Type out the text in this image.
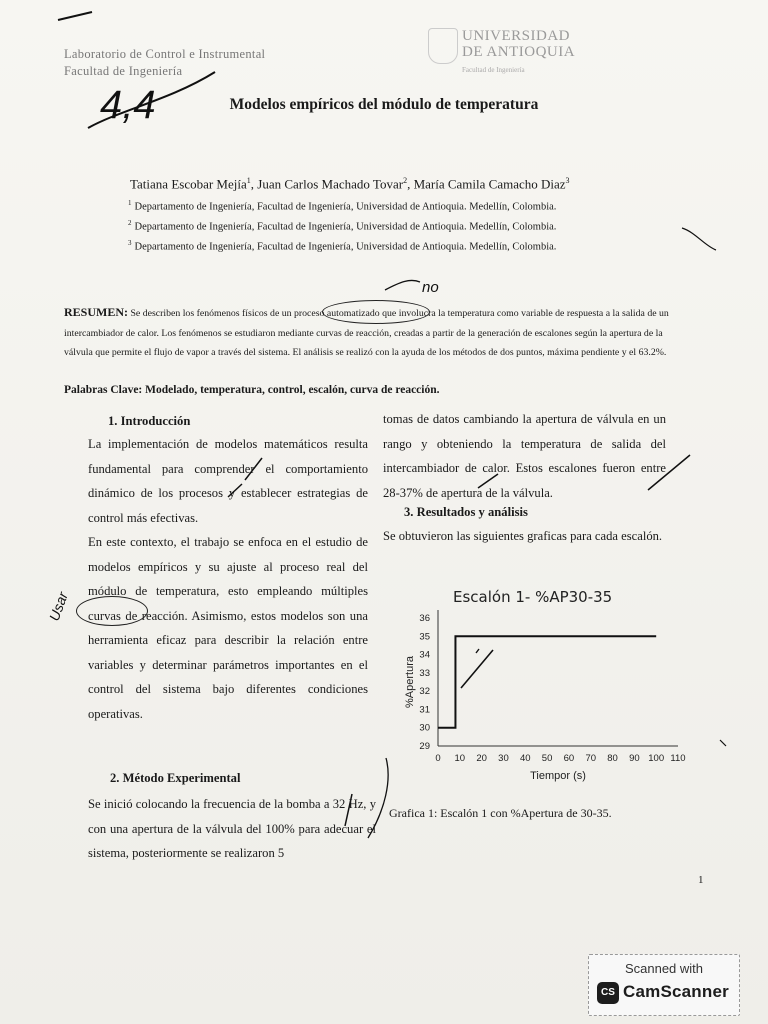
Laboratorio de Control e Instrumental
Facultad de Ingeniería
UNIVERSIDAD
DE ANTIOQUIA
Facultad de Ingeniería
4,4
no
Usar
Modelos empíricos del módulo de temperatura
Tatiana Escobar Mejía$^1$, Juan Carlos Machado Tovar$^2$, María Camila Camacho Diaz$^3$
$^1$ Departamento de Ingeniería, Facultad de Ingeniería, Universidad de Antioquia. Medellín, Colombia.
$^2$ Departamento de Ingeniería, Facultad de Ingeniería, Universidad de Antioquia. Medellín, Colombia.
$^3$ Departamento de Ingeniería, Facultad de Ingeniería, Universidad de Antioquia. Medellín, Colombia.
RESUMEN: Se describen los fenómenos físicos de un proceso automatizado que involucra la temperatura como variable de respuesta a la salida de un intercambiador de calor. Los fenómenos se estudiaron mediante curvas de reacción, creadas a partir de la generación de escalones según la apertura de la válvula que permite el flujo de vapor a través del sistema. El análisis se realizó con la ayuda de los métodos de dos puntos, máxima pendiente y el 63.2%.
Palabras Clave: Modelado, temperatura, control, escalón, curva de reacción.
1. Introducción

La implementación de modelos matemáticos resulta fundamental para comprender el comportamiento dinámico de los procesos y establecer estrategias de control más efectivas.

En este contexto, el trabajo se enfoca en el estudio de modelos empíricos y su ajuste al proceso real del módulo de temperatura, esto empleando múltiples curvas de reacción. Asimismo, estos modelos son una herramienta eficaz para describir la relación entre variables y determinar parámetros importantes en el control del sistema bajo diferentes condiciones operativas.

2. Método Experimental

Se inició colocando la frecuencia de la bomba a 32 Hz, y con una apertura de la válvula del 100% para adecuar el sistema, posteriormente se realizaron 5

tomas de datos cambiando la apertura de válvula en un rango y obteniendo la temperatura de salida del intercambiador de calor. Estos escalones fueron entre 28-37% de apertura de la válvula.

3. Resultados y análisis

Se obtuvieron las siguientes graficas para cada escalón.

Escalón 1- %AP30-35
29
30
31
32
33
34
35
36
0 10 20 30 40 50 60 70 80 90 100 110
Tiempor (s)
%Apertura
Grafica 1: Escalón 1 con %Apertura de 30-35.
1
Scanned with
CS CamScanner
